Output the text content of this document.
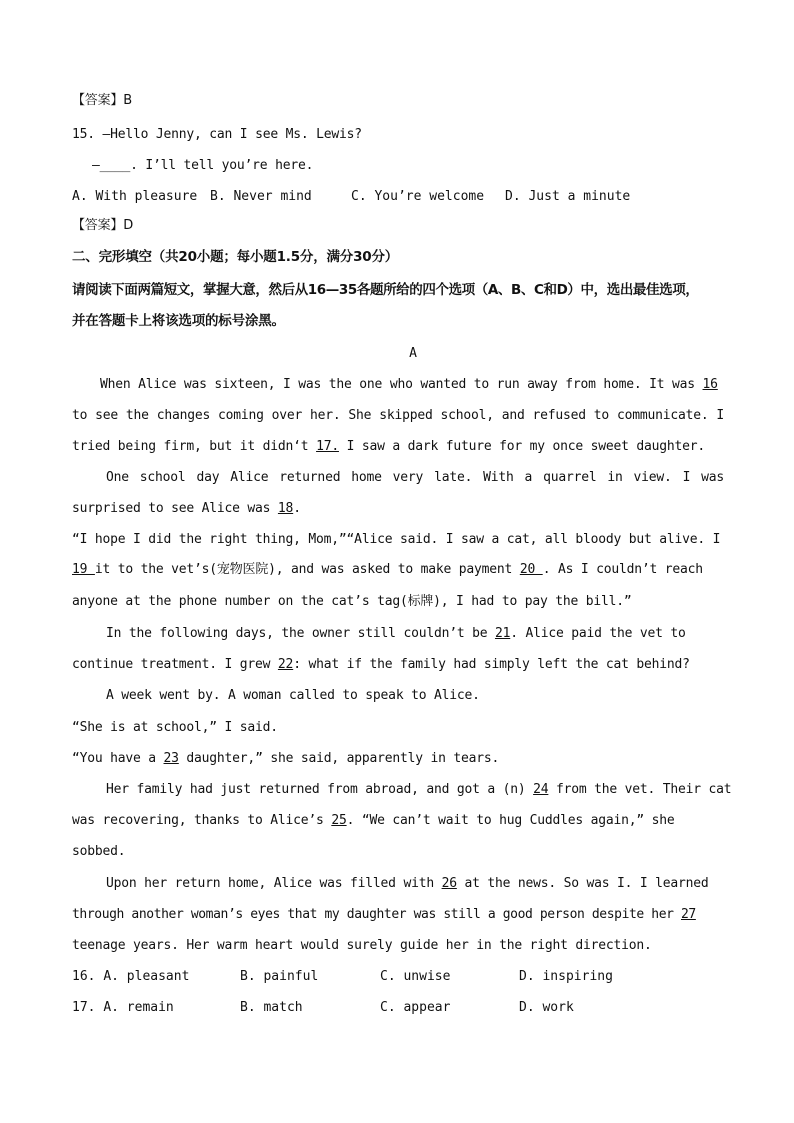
【答案】B
15. —Hello Jenny, can I see Ms. Lewis?
—____. I’ll tell you’re here.
A. With pleasure B. Never mind	C. You’re welcome D. Just a minute
【答案】D
二、完形填空（共20小题；每小题1.5分，满分30分）
请阅读下面两篇短文，掌握大意，然后从16—35各题所给的四个选项（A、B、C和D）中，选出最佳选项，
并在答题卡上将该选项的标号涂黑。
A
When Alice was sixteen, I was the one who wanted to run away from home. It was 16
to see the changes coming over her. She skipped school, and refused to communicate. I
tried being firm, but it didn‘t 17. I saw a dark future for my once sweet daughter.
One school day Alice returned home very late. With a quarrel in view. I was
surprised to see Alice was 18.
“I hope I did the right thing, Mom,”“Alice said. I saw a cat, all bloody but alive. I
19 it to the vet’s(宠物医院), and was asked to make payment 20 . As I couldn’t reach
anyone at the phone number on the cat’s tag(标牌), I had to pay the bill.”
In the following days, the owner still couldn’t be 21. Alice paid the vet to
continue treatment. I grew 22: what if the family had simply left the cat behind?
A week went by. A woman called to speak to Alice.
“She is at school,” I said.
“You have a 23 daughter,” she said, apparently in tears.
Her family had just returned from abroad, and got a (n) 24 from the vet. Their cat
was recovering, thanks to Alice’s 25. “We can’t wait to hug Cuddles again,” she
sobbed.
Upon her return home, Alice was filled with 26 at the news. So was I. I learned
through another woman’s eyes that my daughter was still a good person despite her 27
teenage years. Her warm heart would surely guide her in the right direction.
16. A. pleasant	B. painful	C. unwise	D. inspiring
17. A. remain	B. match	C. appear	D. work
